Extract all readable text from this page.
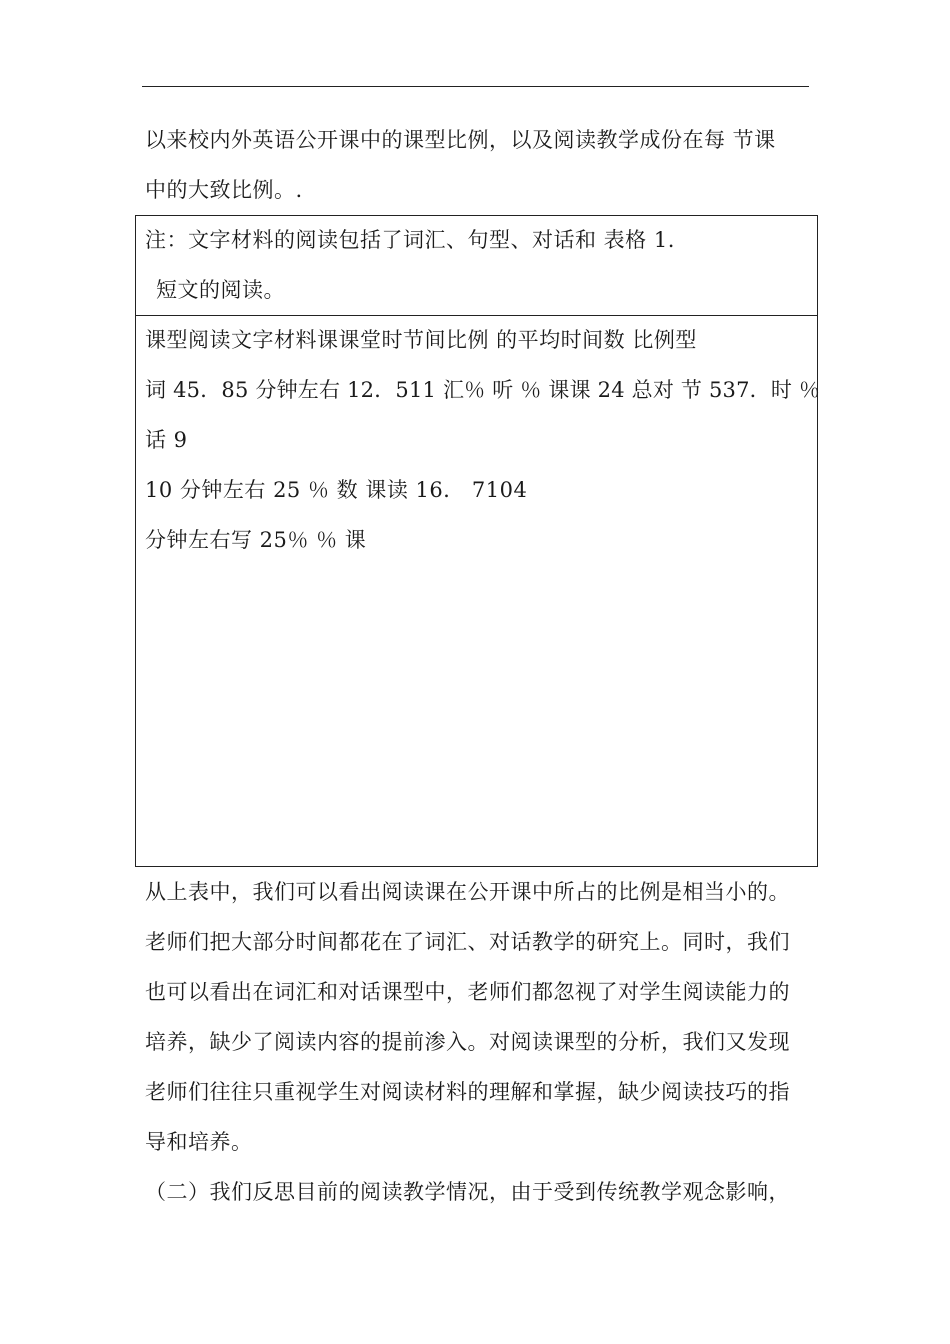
以来校内外英语公开课中的课型比例，以及阅读教学成份在每 节课
中的大致比例。.
注：文字材料的阅读包括了词汇、句型、对话和 表格 1.
短文的阅读。
课型阅读文字材料课课堂时节间比例 的平均时间数 比例型
词 45．85 分钟左右 12．511 汇％ 听 ％ 课课 24 总对 节 537．时 ％
话 9
10 分钟左右 25 ％ 数 课读 16． 7104
分钟左右写 25％ ％ 课
从上表中，我们可以看出阅读课在公开课中所占的比例是相当小的。
老师们把大部分时间都花在了词汇、对话教学的研究上。同时，我们
也可以看出在词汇和对话课型中，老师们都忽视了对学生阅读能力的
培养，缺少了阅读内容的提前渗入。对阅读课型的分析，我们又发现
老师们往往只重视学生对阅读材料的理解和掌握，缺少阅读技巧的指
导和培养。
（二）我们反思目前的阅读教学情况，由于受到传统教学观念影响，
